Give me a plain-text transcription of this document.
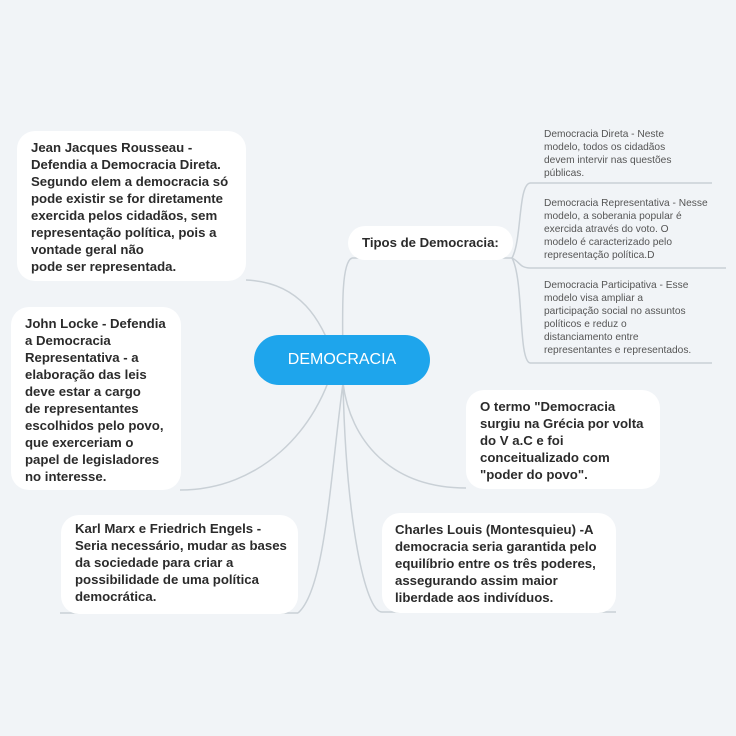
DEMOCRACIA
Jean Jacques Rousseau -
Defendia a Democracia Direta.
Segundo elem a democracia só
pode existir se for diretamente
exercida pelos cidadãos, sem
representação política, pois a
vontade geral não
pode ser representada.
John Locke - Defendia
a Democracia
Representativa - a
elaboração das leis
deve estar a cargo
de representantes
escolhidos pelo povo,
que exerceriam o
papel de legisladores
no interesse.
Karl Marx e Friedrich Engels -
Seria necessário, mudar as bases
da sociedade para criar a
possibilidade de uma política
democrática.
Tipos de Democracia:
O termo "Democracia
surgiu na Grécia por volta
do V a.C e foi
conceitualizado com
"poder do povo".
Charles Louis (Montesquieu) -A
democracia seria garantida pelo
equilíbrio entre os três poderes,
assegurando assim maior
liberdade aos indivíduos.
Democracia Direta - Neste
modelo, todos os cidadãos
devem intervir nas questões
públicas.
Democracia Representativa - Nesse
modelo, a soberania popular é
exercida através do voto. O
modelo é caracterizado pelo
representação política.D
Democracia Participativa - Esse
modelo visa ampliar a
participação social no assuntos
políticos e reduz o
distanciamento entre
representantes e representados.
